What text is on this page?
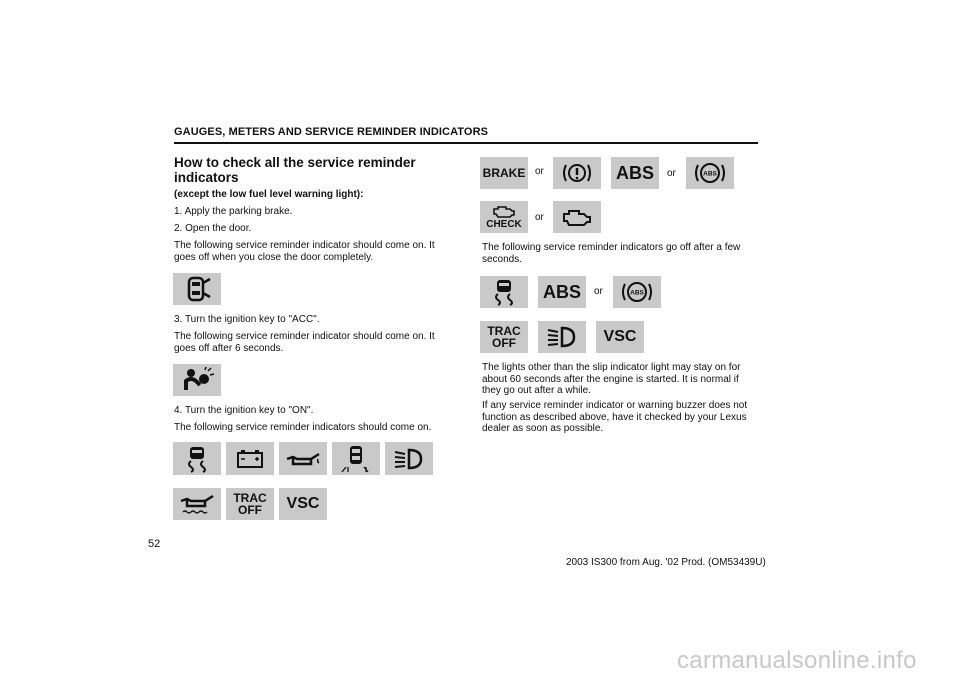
GAUGES, METERS AND SERVICE REMINDER INDICATORS
How to check all the service reminder indicators
(except the low fuel level warning light):
1. Apply the parking brake.
2. Open the door.
The following service reminder indicator should come on. It goes off when you close the door completely.
3. Turn the ignition key to "ACC".
The following service reminder indicator should come on. It goes off after 6 seconds.
4. Turn the ignition key to "ON".
The following service reminder indicators should come on.
TRAC
OFF VSC
BRAKE or	ABS or	ABS
CHECK
or
The following service reminder indicators go off after a few seconds.
ABS or	ABS
TRAC
OFF	VSC
The lights other than the slip indicator light may stay on for about 60 seconds after the engine is started. It is normal if they go out after a while.
If any service reminder indicator or warning buzzer does not function as described above, have it checked by your Lexus dealer as soon as possible.
52
2003 IS300 from Aug. '02 Prod. (OM53439U)
carmanualsonline.info
